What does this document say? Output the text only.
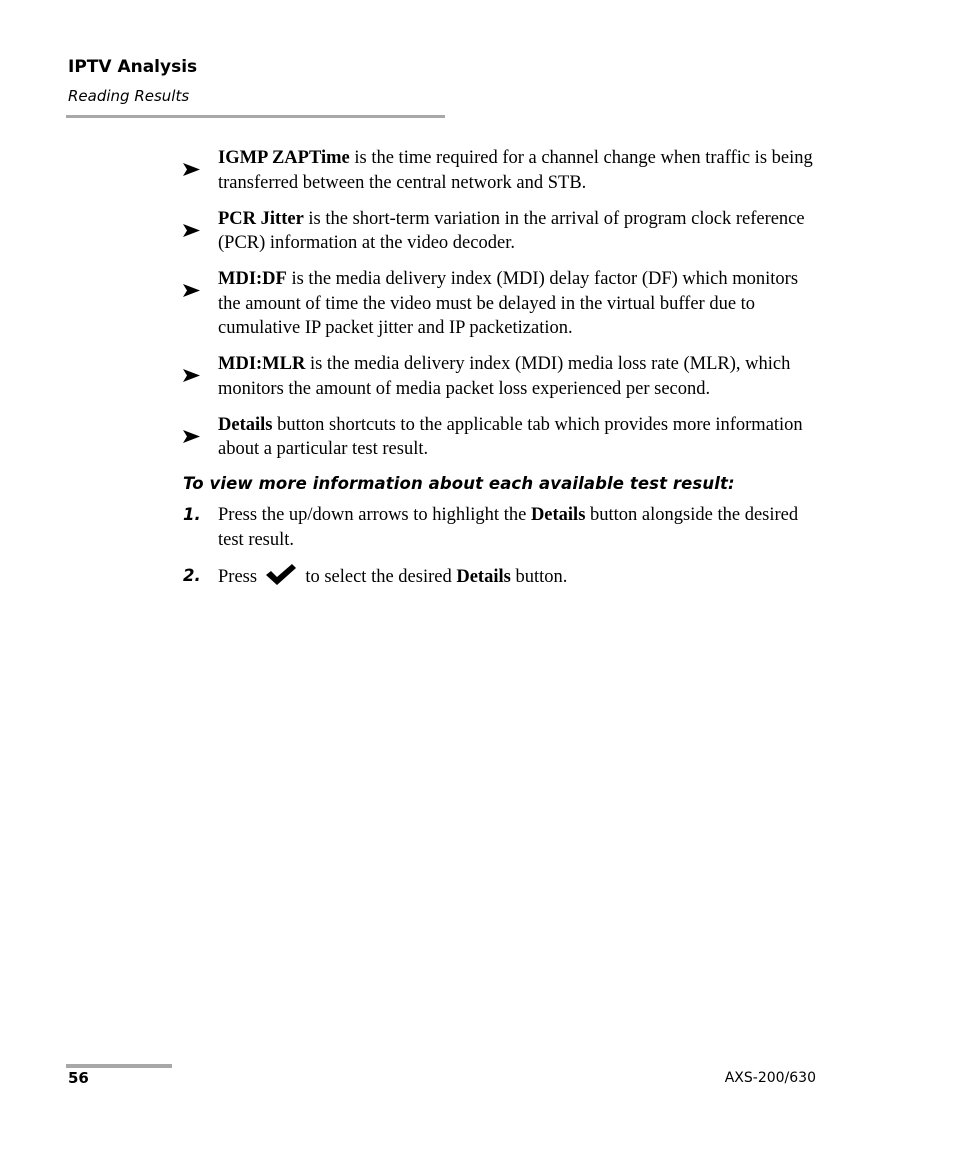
IPTV Analysis
Reading Results
IGMP ZAPTime is the time required for a channel change when traffic is being transferred between the central network and STB.
PCR Jitter is the short-term variation in the arrival of program clock reference (PCR) information at the video decoder.
MDI:DF is the media delivery index (MDI) delay factor (DF) which monitors the amount of time the video must be delayed in the virtual buffer due to cumulative IP packet jitter and IP packetization.
MDI:MLR is the media delivery index (MDI) media loss rate (MLR), which monitors the amount of media packet loss experienced per second.
Details button shortcuts to the applicable tab which provides more information about a particular test result.
To view more information about each available test result:
1. Press the up/down arrows to highlight the Details button alongside the desired test result.
2. Press  to select the desired Details button.
56	AXS-200/630
